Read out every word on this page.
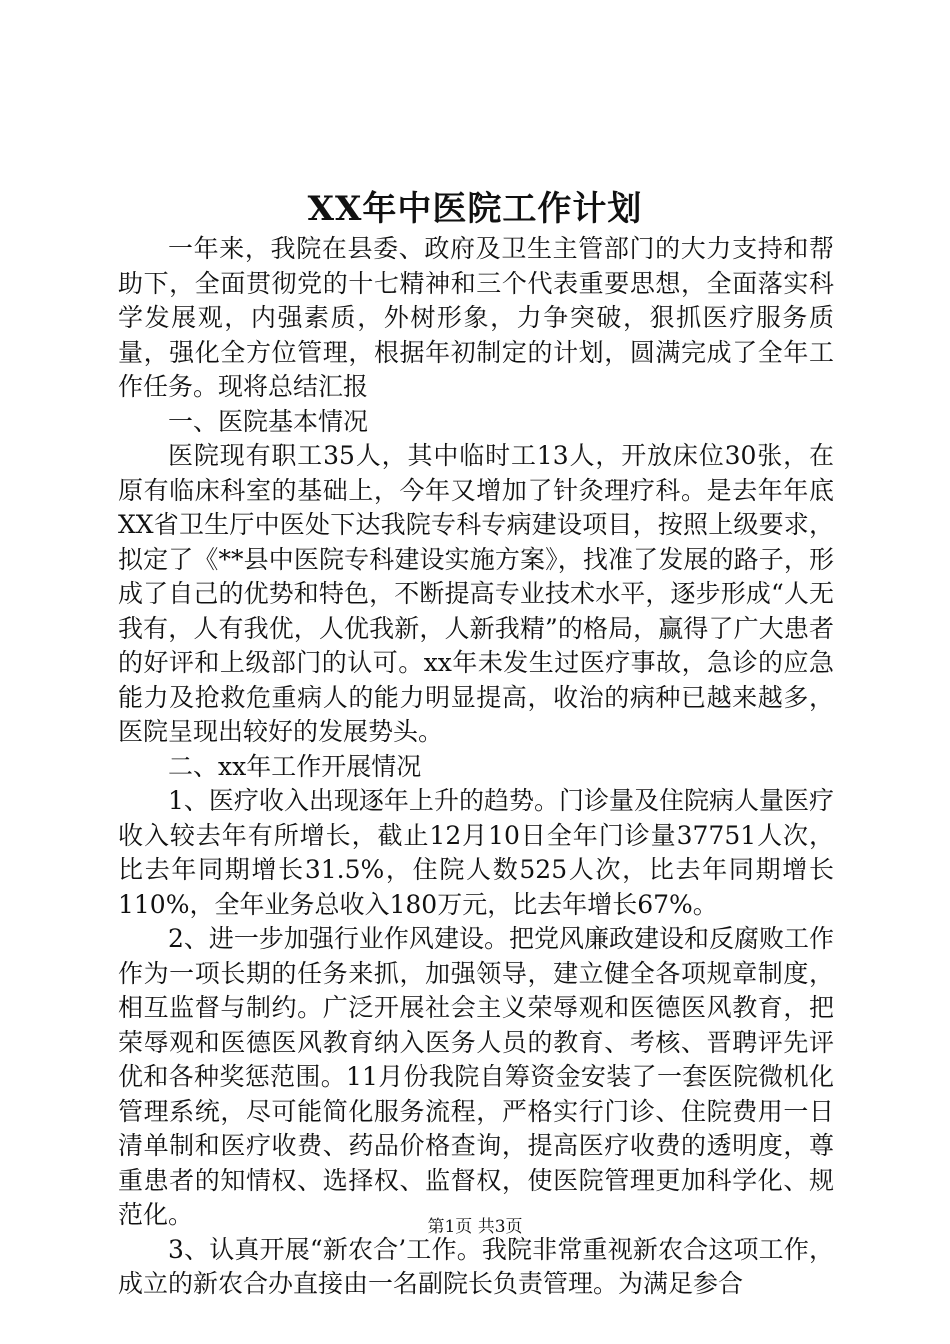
XX年中医院工作计划

一年来，我院在县委、政府及卫生主管部门的大力支持和帮助下，全面贯彻党的十七精神和三个代表重要思想，全面落实科学发展观，内强素质，外树形象，力争突破，狠抓医疗服务质量，强化全方位管理，根据年初制定的计划，圆满完成了全年工作任务。现将总结汇报

一、医院基本情况

医院现有职工35人，其中临时工13人，开放床位30张，在原有临床科室的基础上，今年又增加了针灸理疗科。是去年年底XX省卫生厅中医处下达我院专科专病建设项目，按照上级要求，拟定了《**县中医院专科建设实施方案》，找准了发展的路子，形成了自己的优势和特色，不断提高专业技术水平，逐步形成“人无我有，人有我优，人优我新，人新我精”的格局，赢得了广大患者的好评和上级部门的认可。xx年未发生过医疗事故，急诊的应急能力及抢救危重病人的能力明显提高，收治的病种已越来越多，医院呈现出较好的发展势头。

二、xx年工作开展情况

1、医疗收入出现逐年上升的趋势。门诊量及住院病人量医疗收入较去年有所增长，截止12月10日全年门诊量37751人次，比去年同期增长31.5%，住院人数525人次，比去年同期增长110%，全年业务总收入180万元，比去年增长67%。

2、进一步加强行业作风建设。把党风廉政建设和反腐败工作作为一项长期的任务来抓，加强领导，建立健全各项规章制度，相互监督与制约。广泛开展社会主义荣辱观和医德医风教育，把荣辱观和医德医风教育纳入医务人员的教育、考核、晋聘评先评优和各种奖惩范围。11月份我院自筹资金安装了一套医院微机化管理系统，尽可能简化服务流程，严格实行门诊、住院费用一日清单制和医疗收费、药品价格查询，提高医疗收费的透明度，尊重患者的知情权、选择权、监督权，使医院管理更加科学化、规范化。

3、认真开展“新农合’工作。我院非常重视新农合这项工作，成立的新农合办直接由一名副院长负责管理。为满足参合

第1页 共3页
